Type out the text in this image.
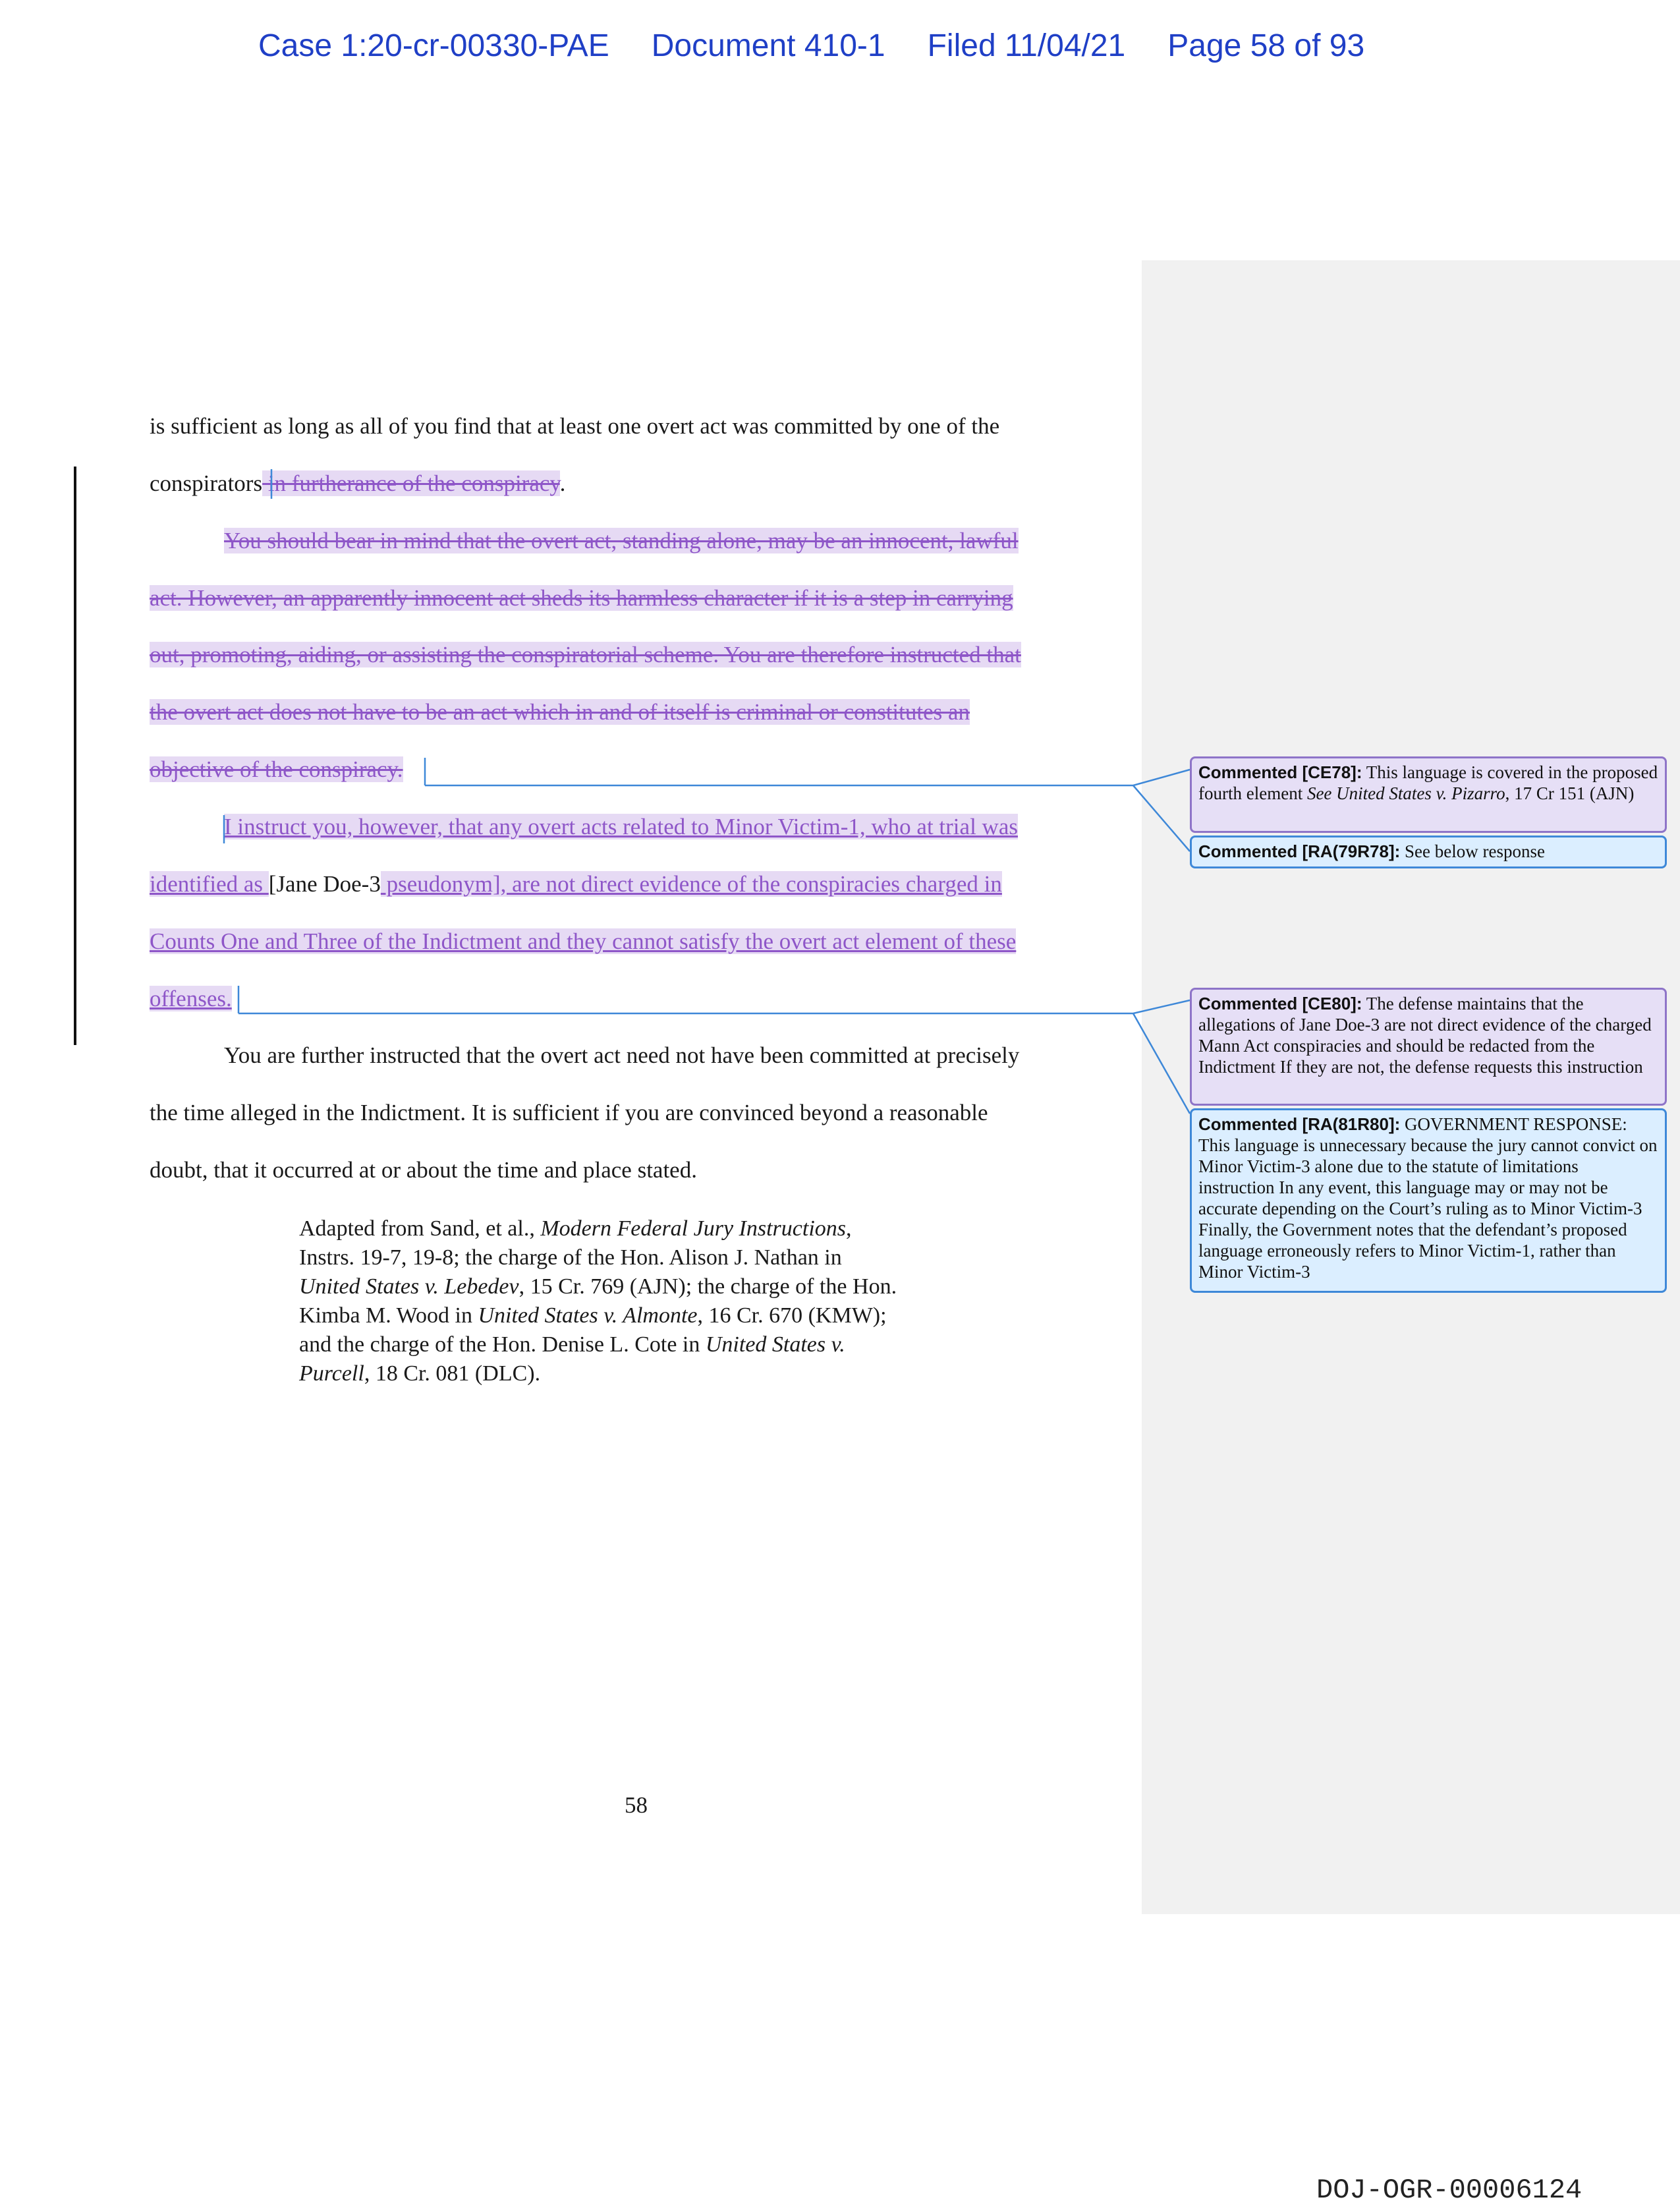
Case 1:20-cr-00330-PAE Document 410-1 Filed 11/04/21 Page 58 of 93
is sufficient as long as all of you find that at least one overt act was committed by one of the
conspirators in furtherance of the conspiracy.
You should bear in mind that the overt act, standing alone, may be an innocent, lawful
act. However, an apparently innocent act sheds its harmless character if it is a step in carrying
out, promoting, aiding, or assisting the conspiratorial scheme. You are therefore instructed that
the overt act does not have to be an act which in and of itself is criminal or constitutes an
objective of the conspiracy.
I instruct you, however, that any overt acts related to Minor Victim-1, who at trial was
identified as [Jane Doe-3 pseudonym], are not direct evidence of the conspiracies charged in
Counts One and Three of the Indictment and they cannot satisfy the overt act element of these
offenses.
You are further instructed that the overt act need not have been committed at precisely
the time alleged in the Indictment. It is sufficient if you are convinced beyond a reasonable
doubt, that it occurred at or about the time and place stated.
Adapted from Sand, et al., Modern Federal Jury Instructions,
Instrs. 19-7, 19-8; the charge of the Hon. Alison J. Nathan in
United States v. Lebedev, 15 Cr. 769 (AJN); the charge of the Hon.
Kimba M. Wood in United States v. Almonte, 16 Cr. 670 (KMW);
and the charge of the Hon. Denise L. Cote in United States v.
Purcell, 18 Cr. 081 (DLC).
58
DOJ-OGR-00006124
Commented [CE78]: This language is covered in the proposed fourth element See United States v. Pizarro, 17 Cr 151 (AJN)
Commented [RA(79R78]: See below response
Commented [CE80]: The defense maintains that the allegations of Jane Doe-3 are not direct evidence of the charged Mann Act conspiracies and should be redacted from the Indictment If they are not, the defense requests this instruction
Commented [RA(81R80]: GOVERNMENT RESPONSE: This language is unnecessary because the jury cannot convict on Minor Victim-3 alone due to the statute of limitations instruction In any event, this language may or may not be accurate depending on the Court’s ruling as to Minor Victim-3 Finally, the Government notes that the defendant’s proposed language erroneously refers to Minor Victim-1, rather than Minor Victim-3
